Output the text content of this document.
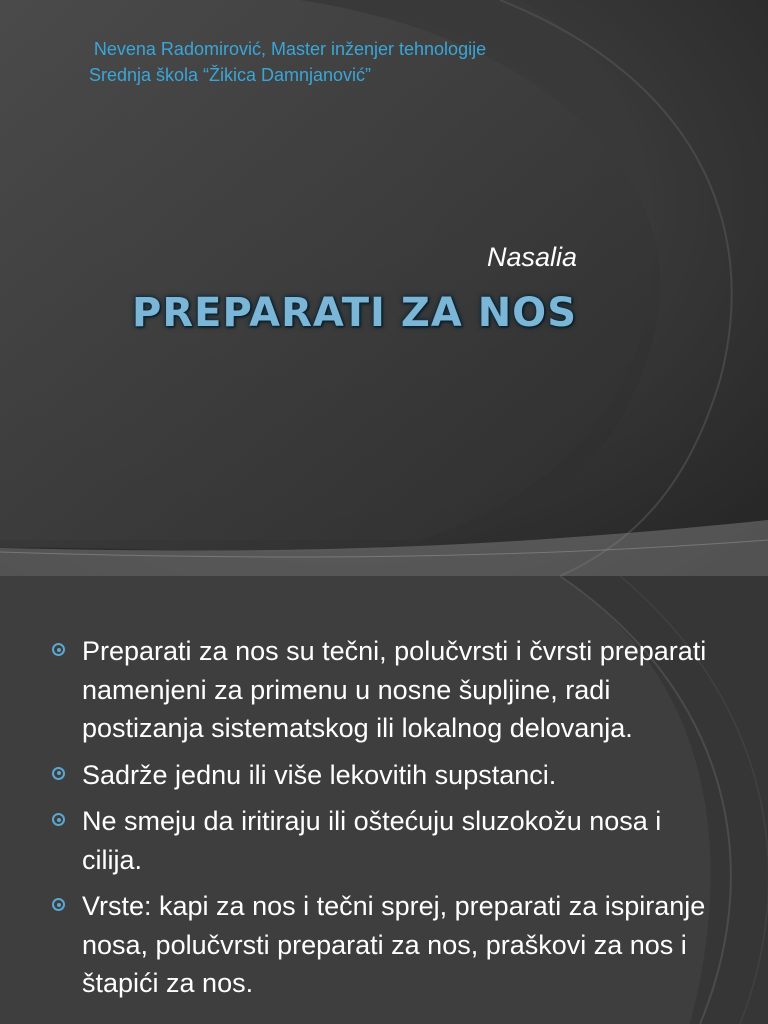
Nevena Radomirović, Master inženjer tehnologije
Srednja škola “Žikica Damnjanović”
Nasalia
PREPARATI ZA NOS
Preparati za nos su tečni, polučvrsti i čvrsti preparati namenjeni za primenu u nosne šupljine, radi postizanja sistematskog ili lokalnog delovanja.
Sadrže jednu ili više lekovitih supstanci.
Ne smeju da iritiraju ili oštećuju sluzokožu nosa i cilija.
Vrste: kapi za nos i tečni sprej, preparati za ispiranje nosa, polučvrsti preparati za nos, praškovi za nos i štapići za nos.
